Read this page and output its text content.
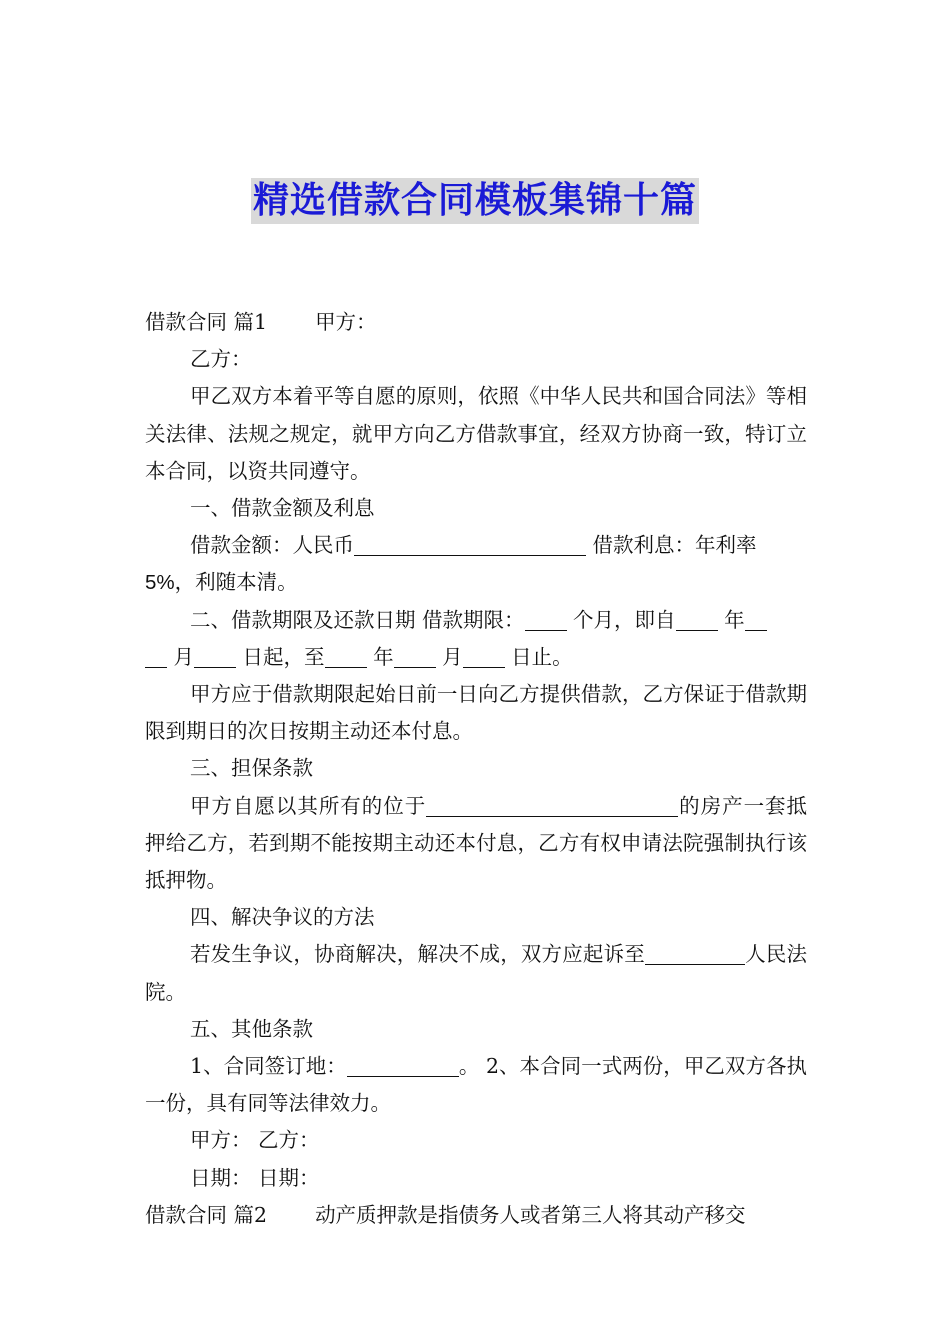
精选借款合同模板集锦十篇

借款合同 篇1 甲方：

乙方：

甲乙双方本着平等自愿的原则，依照《中华人民共和国合同法》等相关法律、法规之规定，就甲方向乙方借款事宜，经双方协商一致，特订立本合同，以资共同遵守。

一、借款金额及利息

借款金额：人民币	借款利息：年利率
5%，利随本清。

二、借款期限及还款日期 借款期限： 个月，即自 年
月 日起，至 年 月 日止。

甲方应于借款期限起始日前一日向乙方提供借款，乙方保证于借款期限到期日的次日按期主动还本付息。

三、担保条款

甲方自愿以其所有的位于	的房产一套抵押给乙方，若到期不能按期主动还本付息，乙方有权申请法院强制执行该抵押物。

四、解决争议的方法

若发生争议，协商解决，解决不成，双方应起诉至	人民法院。

五、其他条款

1、合同签订地：	。 2、本合同一式两份，甲乙双方各执一份，具有同等法律效力。

甲方： 乙方：

日期： 日期：

借款合同 篇2 动产质押款是指债务人或者第三人将其动产移交
